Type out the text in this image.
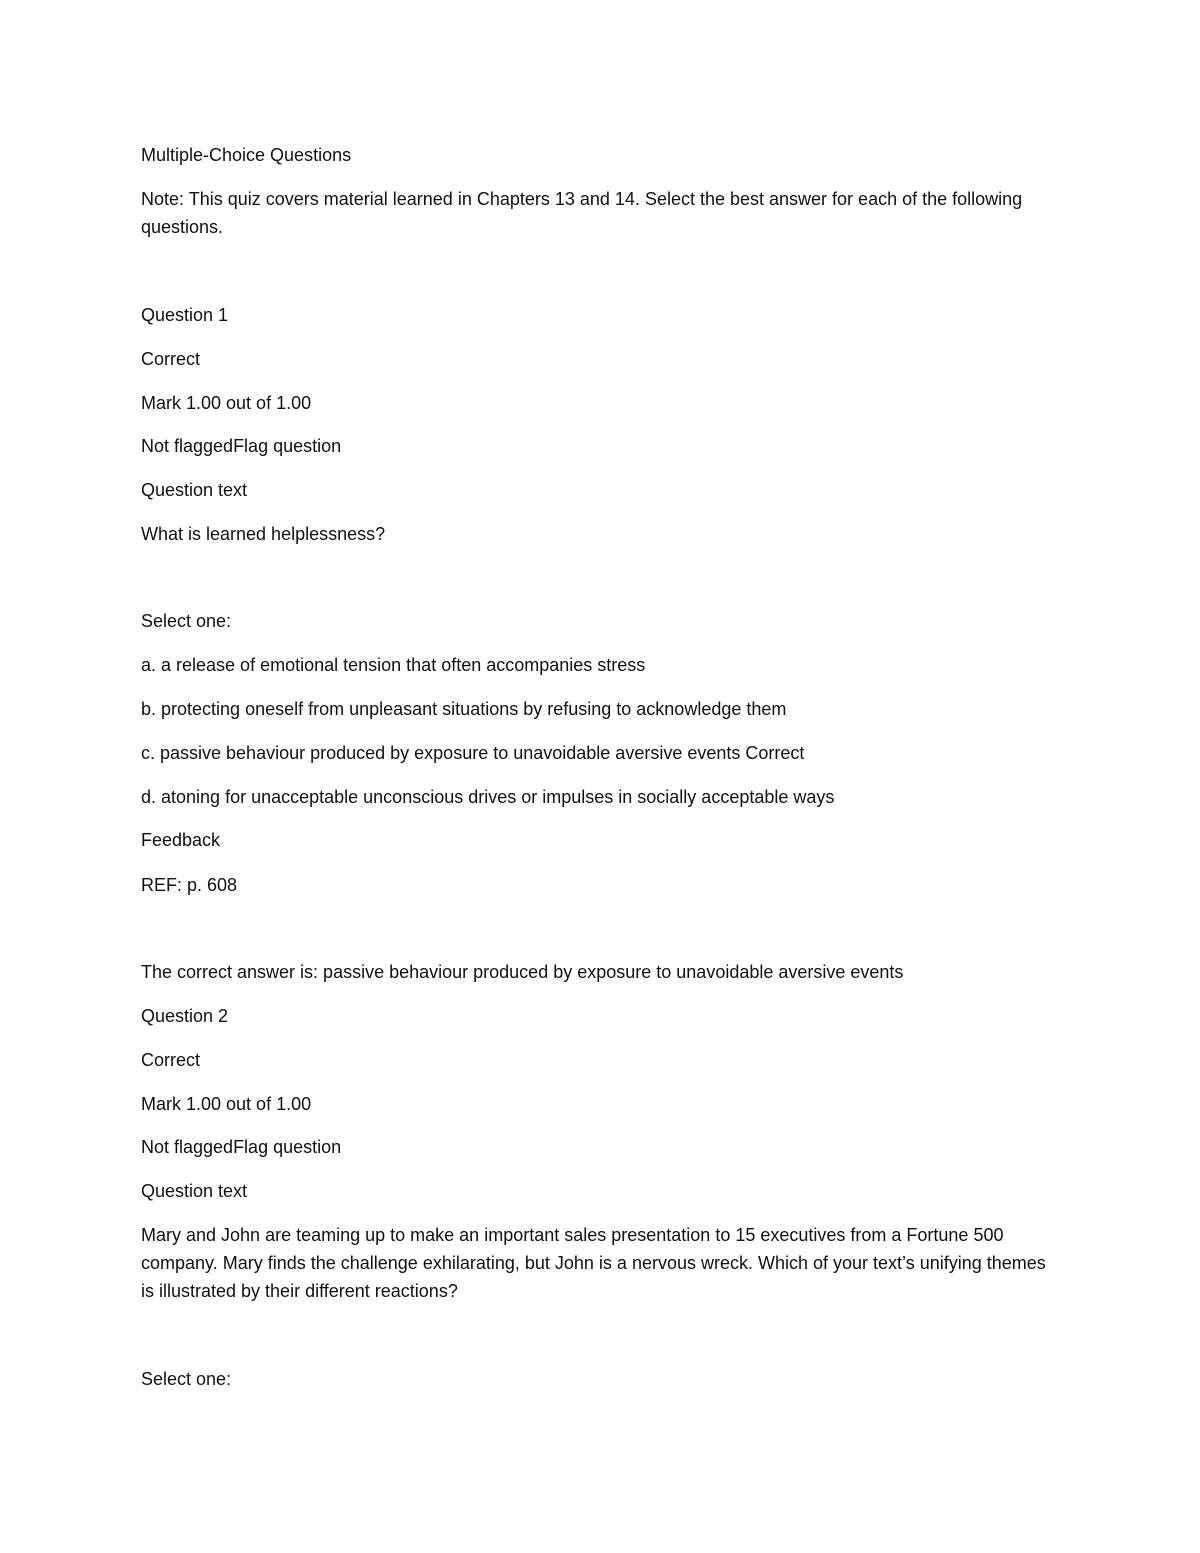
Multiple-Choice Questions
Note: This quiz covers material learned in Chapters 13 and 14. Select the best answer for each of the following questions.
Question 1
Correct
Mark 1.00 out of 1.00
Not flaggedFlag question
Question text
What is learned helplessness?
Select one:
a. a release of emotional tension that often accompanies stress
b. protecting oneself from unpleasant situations by refusing to acknowledge them
c. passive behaviour produced by exposure to unavoidable aversive events Correct
d. atoning for unacceptable unconscious drives or impulses in socially acceptable ways
Feedback
REF: p. 608
The correct answer is: passive behaviour produced by exposure to unavoidable aversive events
Question 2
Correct
Mark 1.00 out of 1.00
Not flaggedFlag question
Question text
Mary and John are teaming up to make an important sales presentation to 15 executives from a Fortune 500 company. Mary finds the challenge exhilarating, but John is a nervous wreck. Which of your text’s unifying themes is illustrated by their different reactions?
Select one:
